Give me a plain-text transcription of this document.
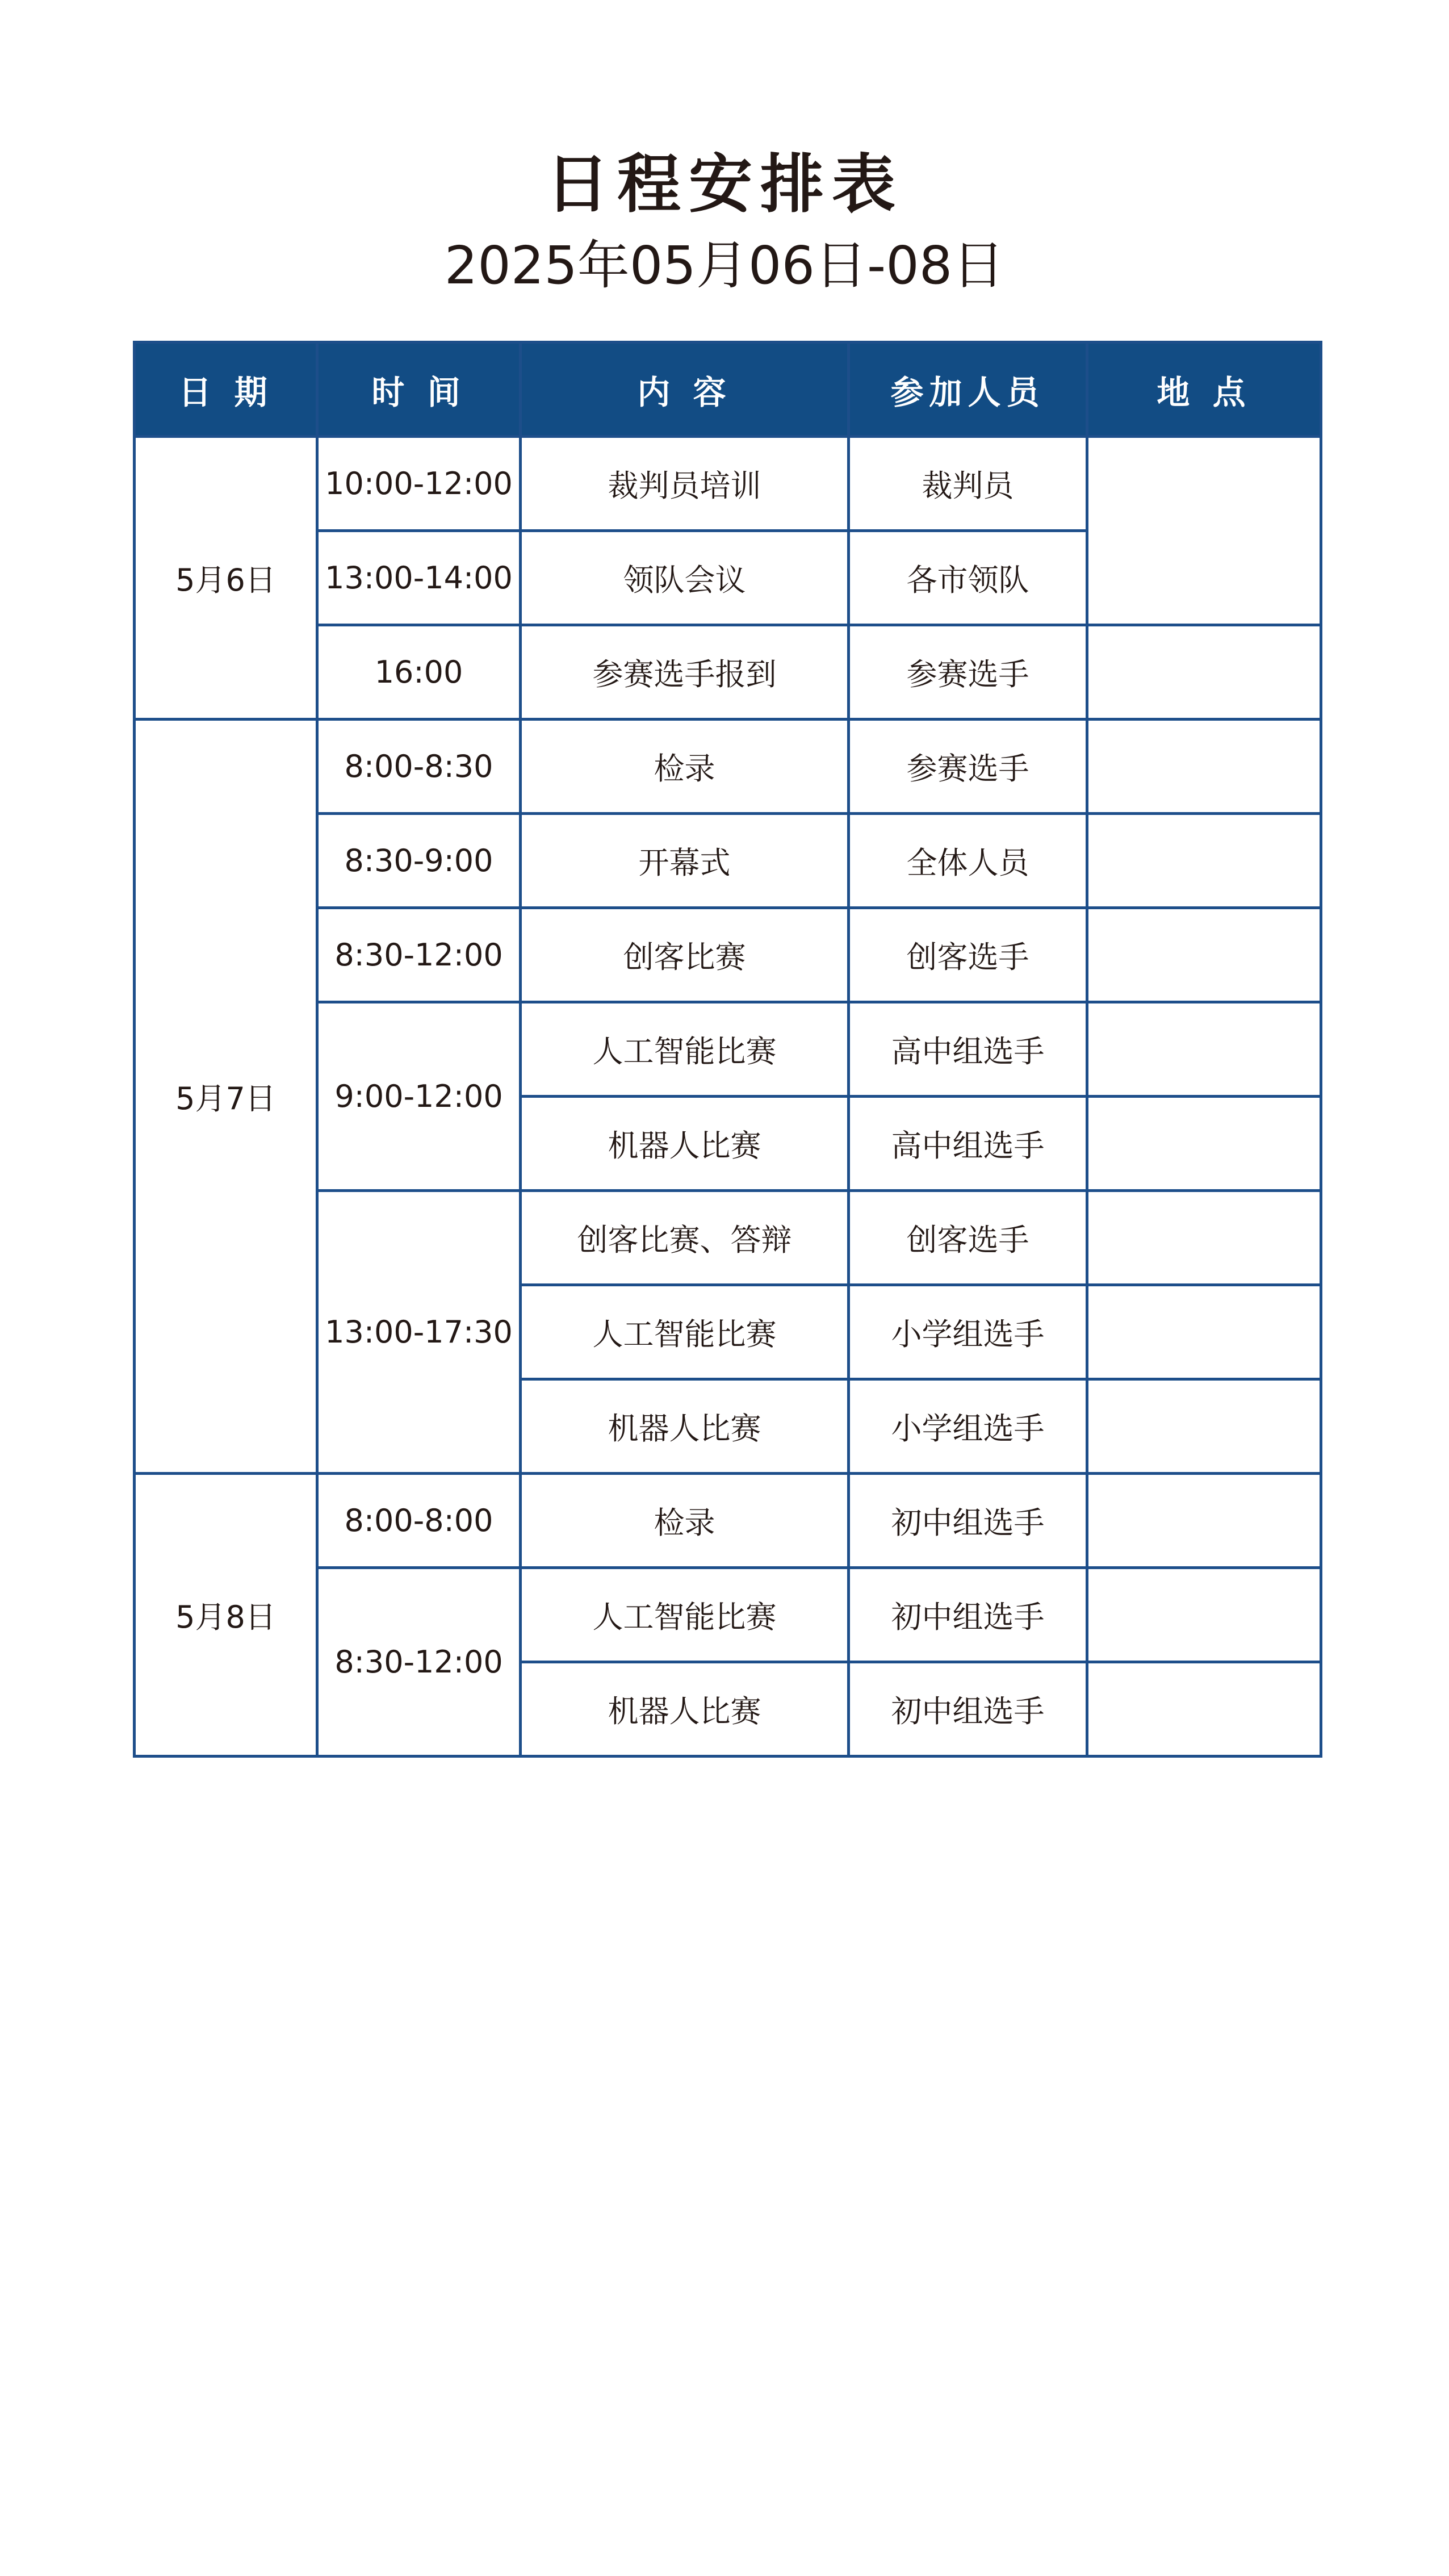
日程安排表
2025年05月06日-08日
日 期	时 间	内 容	参加人员	地 点
5月6日	10:00-12:00	裁判员培训	裁判员	
	13:00-14:00	领队会议	各市领队	
	16:00	参赛选手报到	参赛选手	
5月7日	8:00-8:30	检录	参赛选手	
	8:30-9:00	开幕式	全体人员	
	8:30-12:00	创客比赛	创客选手	
	9:00-12:00	人工智能比赛	高中组选手	
		机器人比赛	高中组选手	
	13:00-17:30	创客比赛、答辩	创客选手	
		人工智能比赛	小学组选手	
		机器人比赛	小学组选手	
5月8日	8:00-8:00	检录	初中组选手	
	8:30-12:00	人工智能比赛	初中组选手	
		机器人比赛	初中组选手	
